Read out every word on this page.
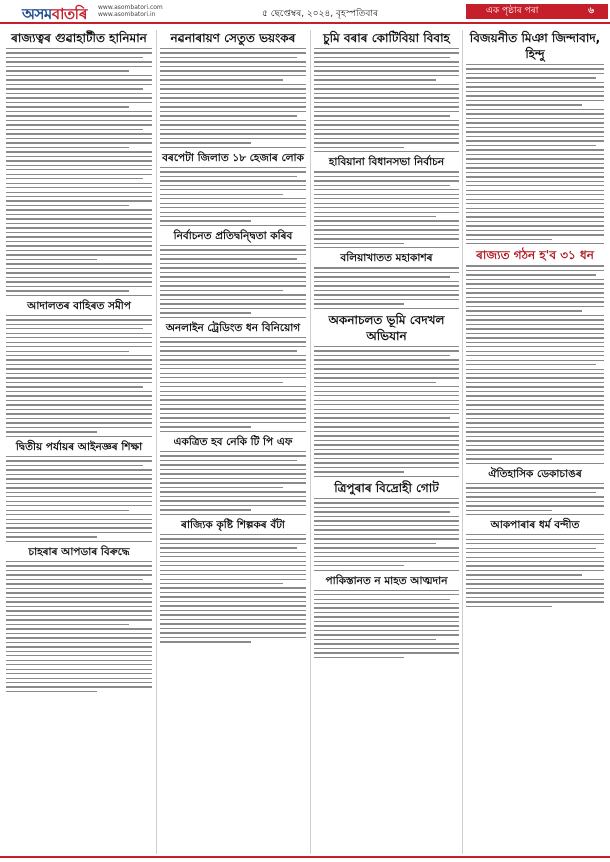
অসমবাতৰি www.asombatori.com
www.asombatori.in	৫ ছেপ্তেম্বৰ, ২০২৪, বৃহস্পতিবাৰ	এক পৃষ্ঠাৰ পৰা	৬
ৰাজ্যত্বৰ গুৱাহাটীত হানিমান
আদালতৰ বাহিৰত সমীপ
দ্বিতীয় পৰ্যায়ৰ আইনজ্ঞৰ শিক্ষা
চাহৰাৰ আপডাৰ বিৰুদ্ধে
নৱনাৰায়ণ সেতুত ভয়ংকৰ
বৰপেটা জিলাত ১৮ হেজাৰ লোক
নিৰ্বাচনত প্ৰতিদ্বন্দ্বিতা কৰিব
অনলাইন ট্ৰেডিংত ধন বিনিয়োগ
একত্ৰিত হব নেকি টি পি এফ
ৰাজ্যিক কৃষ্টি শিল্পকৰ বঁটা
চুমি বৰাৰ কোটিবিয়া বিবাহ
হাবিয়ানা বিধানসভা নিৰ্বাচন
বলিয়াখাতত মহাকাশৰ
অকনাচলত ভূমি বেদখল অভিযান
ত্ৰিপুৰাৰ বিদ্ৰোহী গোট
পাকিস্তানত ন মাহত আত্মদান
বিজয়নীত মিঞা জিন্দাবাদ, হিন্দু
ৰাজ্যত গঠন হ'ব ৩১ ধন
ঐতিহাসিক ডেকাচাঙৰ
আকপাৰাৰ ধৰ্ম বন্দীত
